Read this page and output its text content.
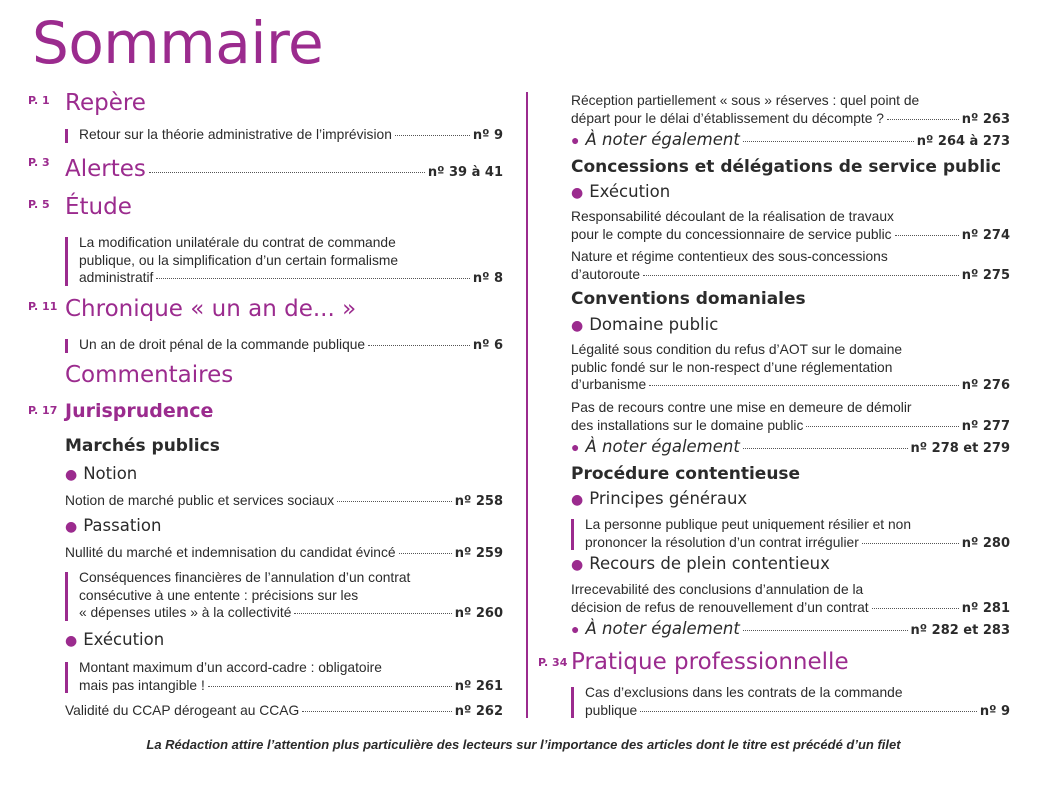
Sommaire
P. 1 Repère
Retour sur la théorie administrative de l’imprévision	nº 9
P. 3 Alertes	nº 39 à 41
P. 5 Étude
La modification unilatérale du contrat de commande
publique, ou la simplification d’un certain formalisme
administratif	nº 8
P. 11 Chronique « un an de... »
Un an de droit pénal de la commande publique	nº 6
Commentaires
P. 17 Jurisprudence
Marchés publics
● Notion
Notion de marché public et services sociaux	nº 258
● Passation
Nullité du marché et indemnisation du candidat évincé	nº 259
Conséquences financières de l’annulation d’un contrat
consécutive à une entente : précisions sur les
« dépenses utiles » à la collectivité	nº 260
● Exécution
Montant maximum d’un accord-cadre : obligatoire
mais pas intangible !	nº 261
Validité du CCAP dérogeant au CCAG	nº 262
Réception partiellement « sous » réserves : quel point de
départ pour le délai d’établissement du décompte ?	nº 263
● À noter également	nº 264 à 273
Concessions et délégations de service public
● Exécution
Responsabilité découlant de la réalisation de travaux
pour le compte du concessionnaire de service public	nº 274
Nature et régime contentieux des sous-concessions
d’autoroute	nº 275
Conventions domaniales
● Domaine public
Légalité sous condition du refus d’AOT sur le domaine
public fondé sur le non-respect d’une réglementation
d’urbanisme	nº 276
Pas de recours contre une mise en demeure de démolir
des installations sur le domaine public	nº 277
● À noter également	nº 278 et 279
Procédure contentieuse
● Principes généraux
La personne publique peut uniquement résilier et non
prononcer la résolution d’un contrat irrégulier	nº 280
● Recours de plein contentieux
Irrecevabilité des conclusions d’annulation de la
décision de refus de renouvellement d’un contrat	nº 281
● À noter également	nº 282 et 283
P. 34 Pratique professionnelle
Cas d’exclusions dans les contrats de la commande
publique	nº 9
La Rédaction attire l’attention plus particulière des lecteurs sur l’importance des articles dont le titre est précédé d’un filet
